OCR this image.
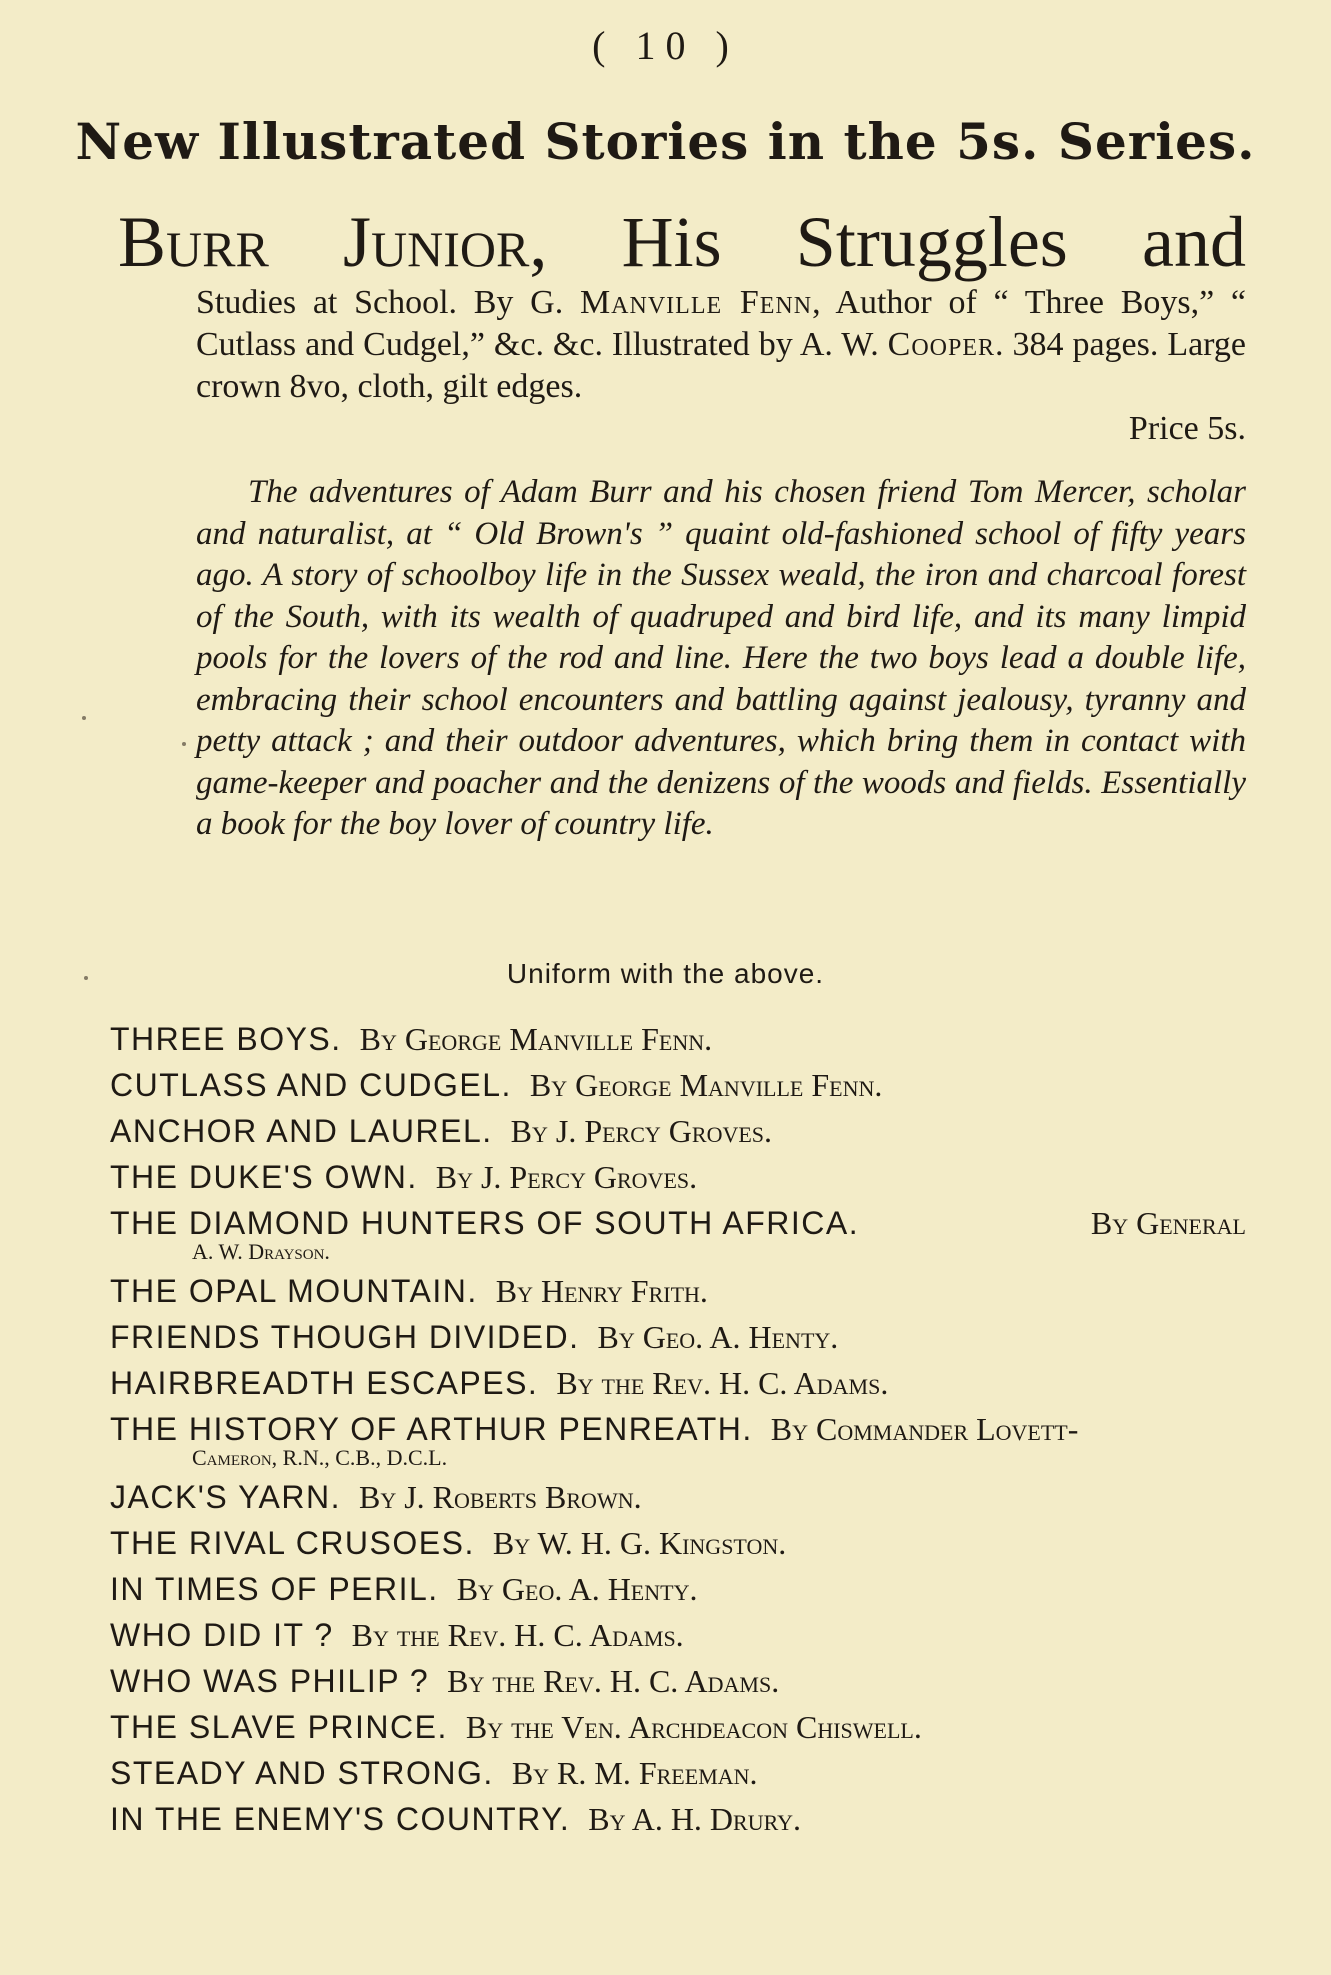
( 10 )
New Illustrated Stories in the 5s. Series.
Burr Junior, His Struggles and
Studies at School. By G. Manville Fenn, Author of “ Three Boys,” “ Cutlass and Cudgel,” &c. &c. Illustrated by A. W. Cooper. 384 pages. Large crown 8vo, cloth, gilt edges.
Price 5s.
The adventures of Adam Burr and his chosen friend Tom Mercer, scholar and naturalist, at “ Old Brown's ” quaint old-fashioned school of fifty years ago. A story of schoolboy life in the Sussex weald, the iron and charcoal forest of the South, with its wealth of quadruped and bird life, and its many limpid pools for the lovers of the rod and line. Here the two boys lead a double life, embracing their school encounters and battling against jealousy, tyranny and petty attack ; and their outdoor adventures, which bring them in contact with game-keeper and poacher and the denizens of the woods and fields. Essentially a book for the boy lover of country life.
Uniform with the above.
THREE BOYS. By George Manville Fenn.
CUTLASS AND CUDGEL. By George Manville Fenn.
ANCHOR AND LAUREL. By J. Percy Groves.
THE DUKE'S OWN. By J. Percy Groves.
THE DIAMOND HUNTERS OF SOUTH AFRICA.	By General
A. W. Drayson.
THE OPAL MOUNTAIN. By Henry Frith.
FRIENDS THOUGH DIVIDED. By Geo. A. Henty.
HAIRBREADTH ESCAPES. By the Rev. H. C. Adams.
THE HISTORY OF ARTHUR PENREATH. By Commander Lovett-
Cameron, R.N., C.B., D.C.L.
JACK'S YARN. By J. Roberts Brown.
THE RIVAL CRUSOES. By W. H. G. Kingston.
IN TIMES OF PERIL. By Geo. A. Henty.
WHO DID IT ? By the Rev. H. C. Adams.
WHO WAS PHILIP ? By the Rev. H. C. Adams.
THE SLAVE PRINCE. By the Ven. Archdeacon Chiswell.
STEADY AND STRONG. By R. M. Freeman.
IN THE ENEMY'S COUNTRY. By A. H. Drury.
